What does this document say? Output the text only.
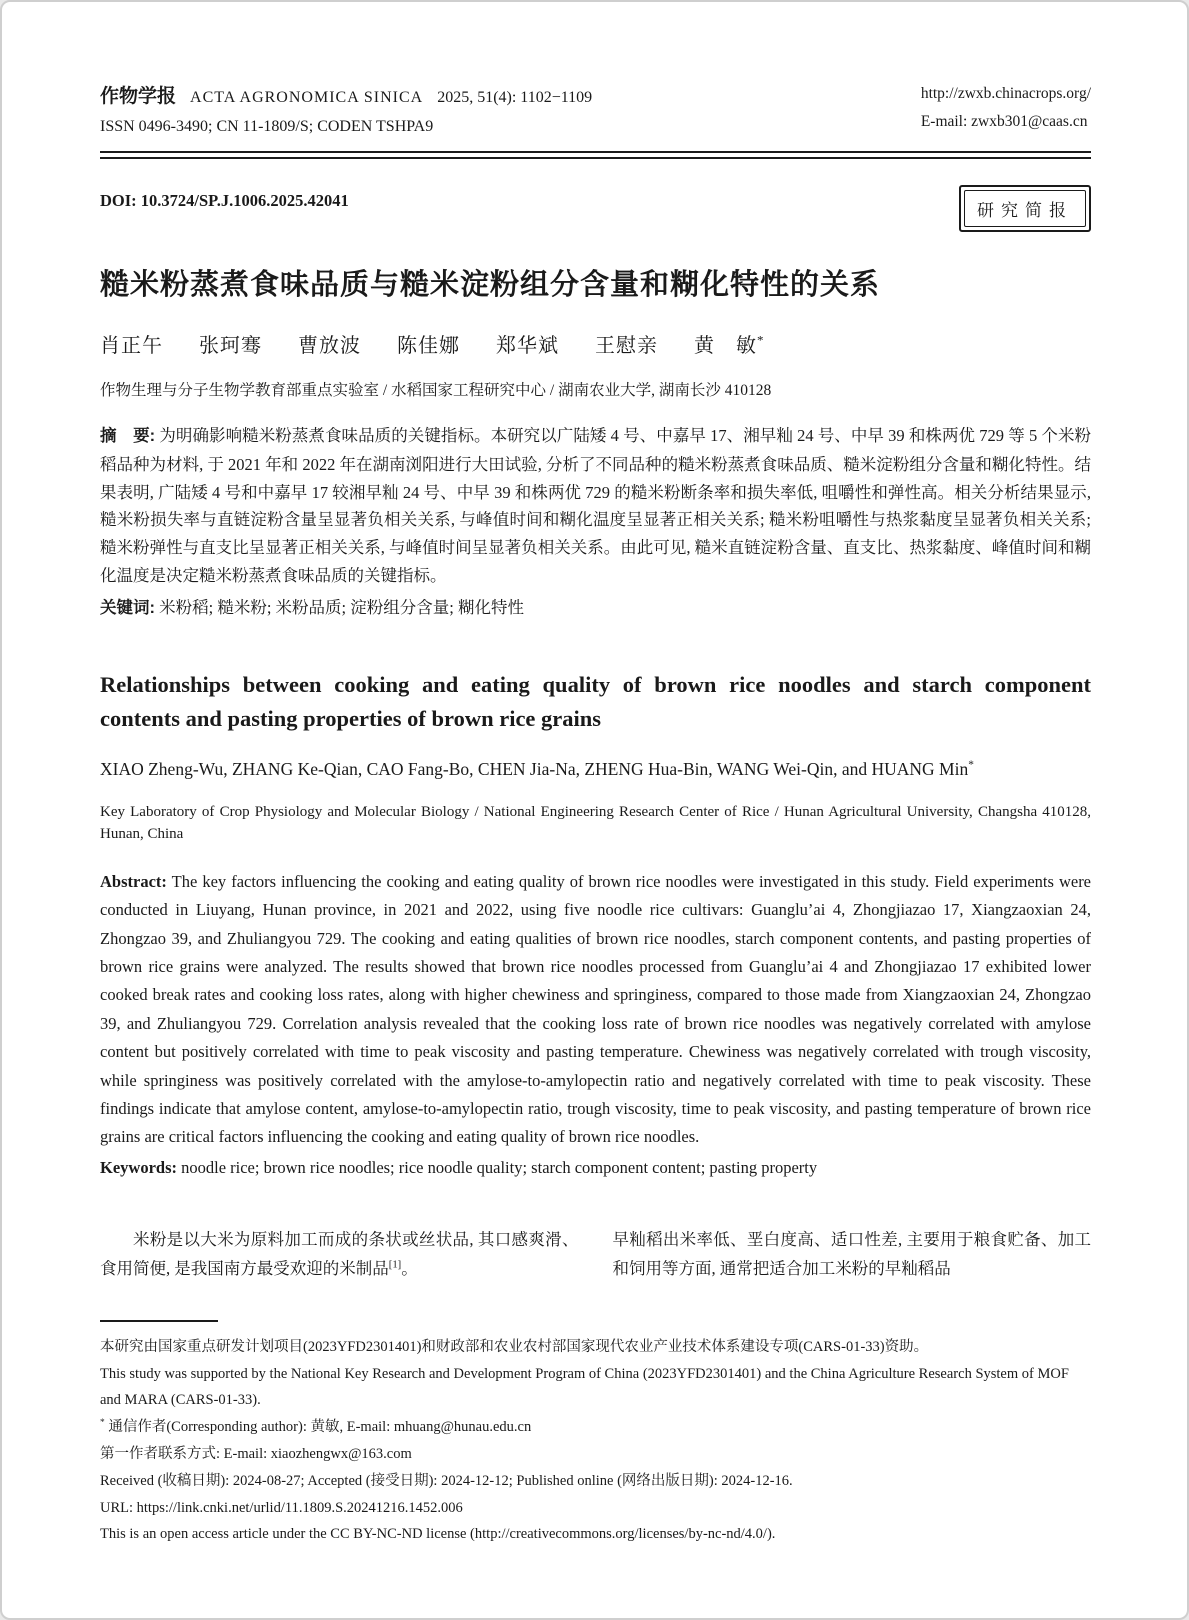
作物学报 ACTA AGRONOMICA SINICA 2025, 51(4): 1102−1109
ISSN 0496-3490; CN 11-1809/S; CODEN TSHPA9
http://zwxb.chinacrops.org/
E-mail: zwxb301@caas.cn
DOI: 10.3724/SP.J.1006.2025.42041
研究简报
糙米粉蒸煮食味品质与糙米淀粉组分含量和糊化特性的关系
肖正午 张珂骞 曹放波 陈佳娜 郑华斌 王慰亲 黄　敏*
作物生理与分子生物学教育部重点实验室 / 水稻国家工程研究中心 / 湖南农业大学, 湖南长沙 410128
摘　要: 为明确影响糙米粉蒸煮食味品质的关键指标。本研究以广陆矮 4 号、中嘉早 17、湘早籼 24 号、中早 39 和株两优 729 等 5 个米粉稻品种为材料, 于 2021 年和 2022 年在湖南浏阳进行大田试验, 分析了不同品种的糙米粉蒸煮食味品质、糙米淀粉组分含量和糊化特性。结果表明, 广陆矮 4 号和中嘉早 17 较湘早籼 24 号、中早 39 和株两优 729 的糙米粉断条率和损失率低, 咀嚼性和弹性高。相关分析结果显示, 糙米粉损失率与直链淀粉含量呈显著负相关关系, 与峰值时间和糊化温度呈显著正相关关系; 糙米粉咀嚼性与热浆黏度呈显著负相关关系; 糙米粉弹性与直支比呈显著正相关关系, 与峰值时间呈显著负相关关系。由此可见, 糙米直链淀粉含量、直支比、热浆黏度、峰值时间和糊化温度是决定糙米粉蒸煮食味品质的关键指标。
关键词: 米粉稻; 糙米粉; 米粉品质; 淀粉组分含量; 糊化特性
Relationships between cooking and eating quality of brown rice noodles and starch component contents and pasting properties of brown rice grains
XIAO Zheng-Wu, ZHANG Ke-Qian, CAO Fang-Bo, CHEN Jia-Na, ZHENG Hua-Bin, WANG Wei-Qin, and HUANG Min*
Key Laboratory of Crop Physiology and Molecular Biology / National Engineering Research Center of Rice / Hunan Agricultural University, Changsha 410128, Hunan, China
Abstract: The key factors influencing the cooking and eating quality of brown rice noodles were investigated in this study. Field experiments were conducted in Liuyang, Hunan province, in 2021 and 2022, using five noodle rice cultivars: Guanglu’ai 4, Zhongjiazao 17, Xiangzaoxian 24, Zhongzao 39, and Zhuliangyou 729. The cooking and eating qualities of brown rice noodles, starch component contents, and pasting properties of brown rice grains were analyzed. The results showed that brown rice noodles processed from Guanglu’ai 4 and Zhongjiazao 17 exhibited lower cooked break rates and cooking loss rates, along with higher chewiness and springiness, compared to those made from Xiangzaoxian 24, Zhongzao 39, and Zhuliangyou 729. Correlation analysis revealed that the cooking loss rate of brown rice noodles was negatively correlated with amylose content but positively correlated with time to peak viscosity and pasting temperature. Chewiness was negatively correlated with trough viscosity, while springiness was positively correlated with the amylose-to-amylopectin ratio and negatively correlated with time to peak viscosity. These findings indicate that amylose content, amylose-to-amylopectin ratio, trough viscosity, time to peak viscosity, and pasting temperature of brown rice grains are critical factors influencing the cooking and eating quality of brown rice noodles.
Keywords: noodle rice; brown rice noodles; rice noodle quality; starch component content; pasting property
米粉是以大米为原料加工而成的条状或丝状品, 其口感爽滑、食用简便, 是我国南方最受欢迎的米制品[1]。
早籼稻出米率低、垩白度高、适口性差, 主要用于粮食贮备、加工和饲用等方面, 通常把适合加工米粉的早籼稻品
本研究由国家重点研发计划项目(2023YFD2301401)和财政部和农业农村部国家现代农业产业技术体系建设专项(CARS-01-33)资助。
This study was supported by the National Key Research and Development Program of China (2023YFD2301401) and the China Agriculture Research System of MOF and MARA (CARS-01-33).
* 通信作者(Corresponding author): 黄敏, E-mail: mhuang@hunau.edu.cn
第一作者联系方式: E-mail: xiaozhengwx@163.com
Received (收稿日期): 2024-08-27; Accepted (接受日期): 2024-12-12; Published online (网络出版日期): 2024-12-16.
URL: https://link.cnki.net/urlid/11.1809.S.20241216.1452.006
This is an open access article under the CC BY-NC-ND license (http://creativecommons.org/licenses/by-nc-nd/4.0/).
